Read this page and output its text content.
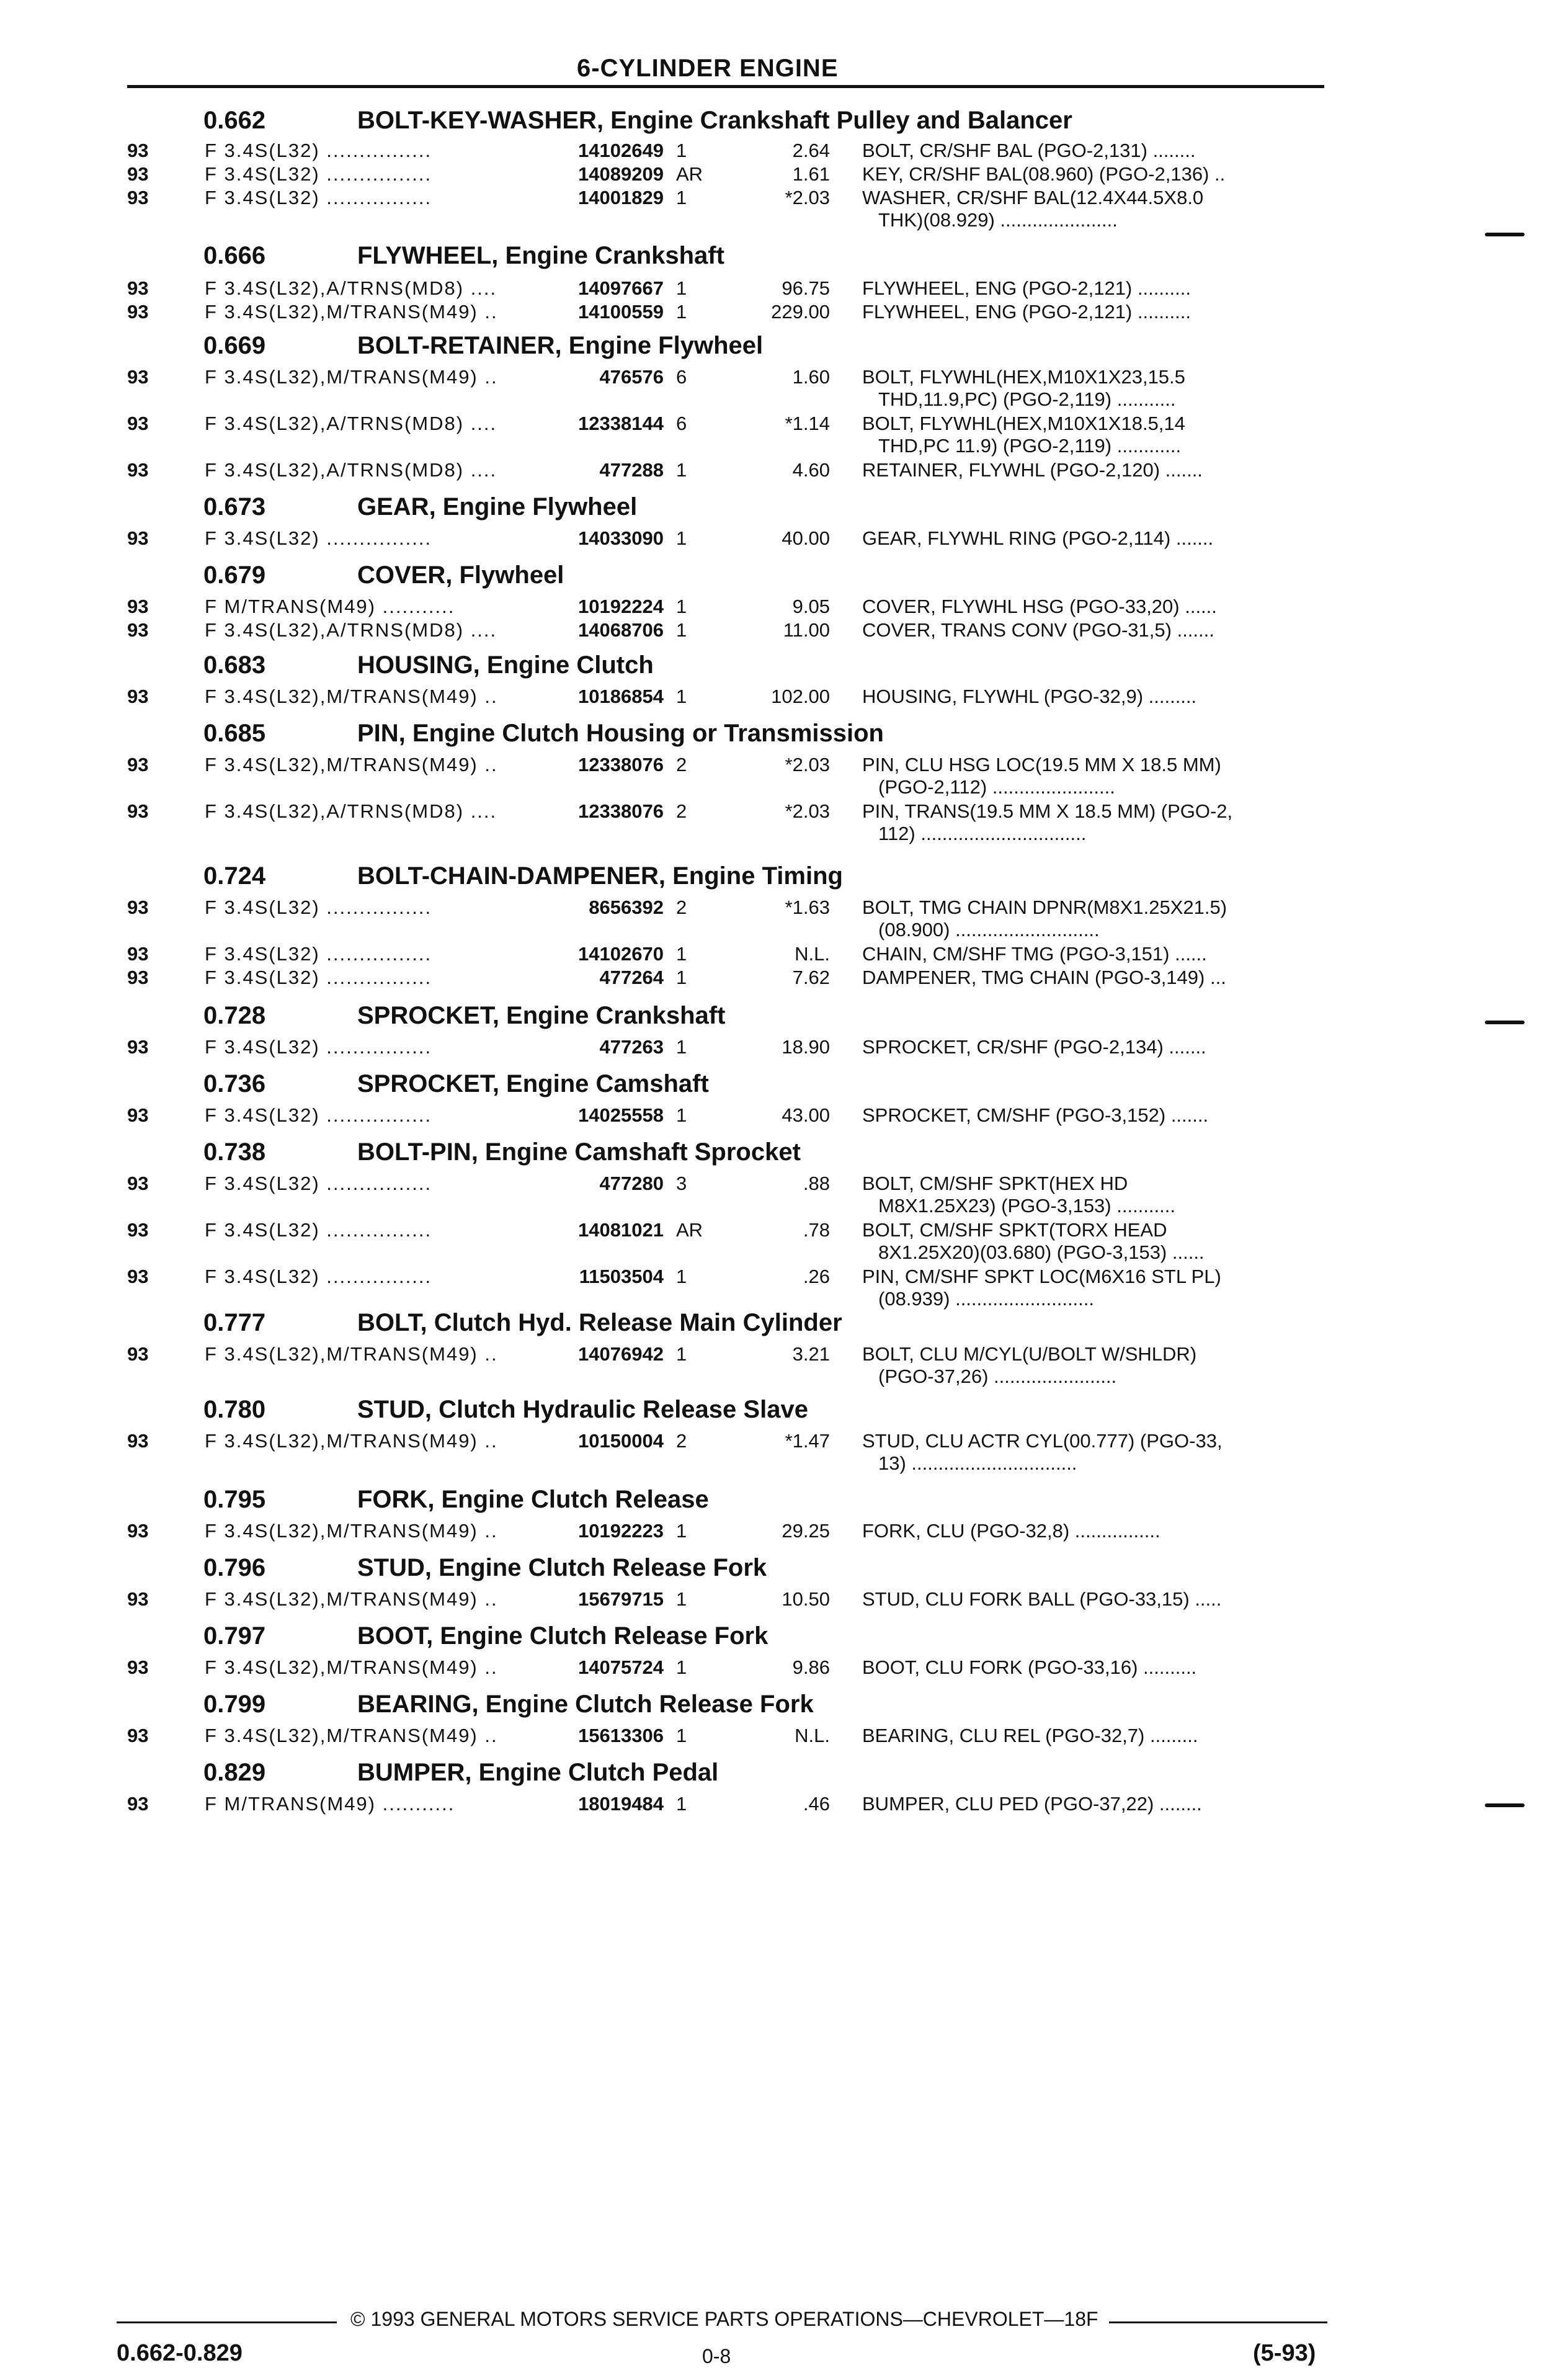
6-CYLINDER ENGINE
0.662	BOLT-KEY-WASHER, Engine Crankshaft Pulley and Balancer
93	F 3.4S(L32) ................	14102649 1	2.64 BOLT, CR/SHF BAL (PGO-2,131) ........
93	F 3.4S(L32) ................	14089209 AR	1.61 KEY, CR/SHF BAL(08.960) (PGO-2,136) ..
93	F 3.4S(L32) ................	14001829 1	*2.03 WASHER, CR/SHF BAL(12.4X44.5X8.0
THK)(08.929) ......................
0.666	FLYWHEEL, Engine Crankshaft
93	F 3.4S(L32),A/TRNS(MD8) ....	14097667 1	96.75 FLYWHEEL, ENG (PGO-2,121) ..........
93	F 3.4S(L32),M/TRANS(M49) ..	14100559 1	229.00 FLYWHEEL, ENG (PGO-2,121) ..........
0.669	BOLT-RETAINER, Engine Flywheel
93	F 3.4S(L32),M/TRANS(M49) ..	476576 6	1.60 BOLT, FLYWHL(HEX,M10X1X23,15.5
THD,11.9,PC) (PGO-2,119) ...........
93	F 3.4S(L32),A/TRNS(MD8) ....	12338144 6	*1.14 BOLT, FLYWHL(HEX,M10X1X18.5,14
THD,PC 11.9) (PGO-2,119) ............
93	F 3.4S(L32),A/TRNS(MD8) ....	477288 1	4.60 RETAINER, FLYWHL (PGO-2,120) .......
0.673	GEAR, Engine Flywheel
93	F 3.4S(L32) ................	14033090 1	40.00 GEAR, FLYWHL RING (PGO-2,114) .......
0.679	COVER, Flywheel
93	F M/TRANS(M49) ...........	10192224 1	9.05 COVER, FLYWHL HSG (PGO-33,20) ......
93	F 3.4S(L32),A/TRNS(MD8) ....	14068706 1	11.00 COVER, TRANS CONV (PGO-31,5) .......
0.683	HOUSING, Engine Clutch
93	F 3.4S(L32),M/TRANS(M49) ..	10186854 1	102.00 HOUSING, FLYWHL (PGO-32,9) .........
0.685	PIN, Engine Clutch Housing or Transmission
93	F 3.4S(L32),M/TRANS(M49) ..	12338076 2	*2.03 PIN, CLU HSG LOC(19.5 MM X 18.5 MM)
(PGO-2,112) .......................
93	F 3.4S(L32),A/TRNS(MD8) ....	12338076 2	*2.03 PIN, TRANS(19.5 MM X 18.5 MM) (PGO-2,
112) ...............................
0.724	BOLT-CHAIN-DAMPENER, Engine Timing
93	F 3.4S(L32) ................	8656392 2	*1.63 BOLT, TMG CHAIN DPNR(M8X1.25X21.5)
(08.900) ...........................
93	F 3.4S(L32) ................	14102670 1	N.L. CHAIN, CM/SHF TMG (PGO-3,151) ......
93	F 3.4S(L32) ................	477264 1	7.62 DAMPENER, TMG CHAIN (PGO-3,149) ...
0.728	SPROCKET, Engine Crankshaft
93	F 3.4S(L32) ................	477263 1	18.90 SPROCKET, CR/SHF (PGO-2,134) .......
0.736	SPROCKET, Engine Camshaft
93	F 3.4S(L32) ................	14025558 1	43.00 SPROCKET, CM/SHF (PGO-3,152) .......
0.738	BOLT-PIN, Engine Camshaft Sprocket
93	F 3.4S(L32) ................	477280 3	.88 BOLT, CM/SHF SPKT(HEX HD
M8X1.25X23) (PGO-3,153) ...........
93	F 3.4S(L32) ................	14081021 AR	.78 BOLT, CM/SHF SPKT(TORX HEAD
8X1.25X20)(03.680) (PGO-3,153) ......
93	F 3.4S(L32) ................	11503504 1	.26 PIN, CM/SHF SPKT LOC(M6X16 STL PL)
(08.939) ..........................
0.777	BOLT, Clutch Hyd. Release Main Cylinder
93	F 3.4S(L32),M/TRANS(M49) ..	14076942 1	3.21 BOLT, CLU M/CYL(U/BOLT W/SHLDR)
(PGO-37,26) .......................
0.780	STUD, Clutch Hydraulic Release Slave
93	F 3.4S(L32),M/TRANS(M49) ..	10150004 2	*1.47 STUD, CLU ACTR CYL(00.777) (PGO-33,
13) ...............................
0.795	FORK, Engine Clutch Release
93	F 3.4S(L32),M/TRANS(M49) ..	10192223 1	29.25 FORK, CLU (PGO-32,8) ................
0.796	STUD, Engine Clutch Release Fork
93	F 3.4S(L32),M/TRANS(M49) ..	15679715 1	10.50 STUD, CLU FORK BALL (PGO-33,15) .....
0.797	BOOT, Engine Clutch Release Fork
93	F 3.4S(L32),M/TRANS(M49) ..	14075724 1	9.86 BOOT, CLU FORK (PGO-33,16) ..........
0.799	BEARING, Engine Clutch Release Fork
93	F 3.4S(L32),M/TRANS(M49) ..	15613306 1	N.L. BEARING, CLU REL (PGO-32,7) .........
0.829	BUMPER, Engine Clutch Pedal
93	F M/TRANS(M49) ...........	18019484 1	.46 BUMPER, CLU PED (PGO-37,22) ........
© 1993 GENERAL MOTORS SERVICE PARTS OPERATIONS—CHEVROLET—18F
0.662-0.829	0-8	(5-93)
